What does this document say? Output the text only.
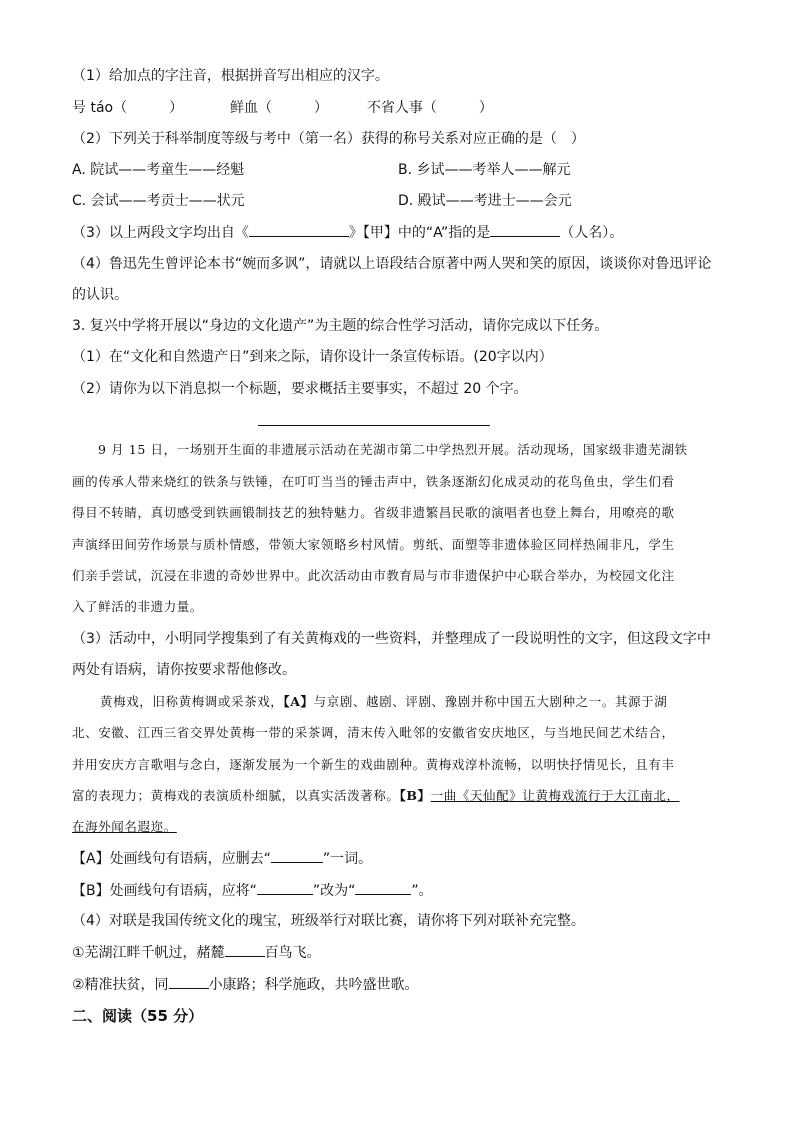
（1）给加点的字注音，根据拼音写出相应的汉字。
号 táo（	）	鲜血（	）	不省人事（	）
（2）下列关于科举制度等级与考中（第一名）获得的称号关系对应正确的是（　）
A. 院试——考童生——经魁	B. 乡试——考举人——解元
C. 会试——考贡士——状元	D. 殿试——考进士——会元
（3）以上两段文字均出自《	》【甲】中的“A”指的是	（人名）。
（4）鲁迅先生曾评论本书“婉而多讽”，请就以上语段结合原著中两人哭和笑的原因，谈谈你对鲁迅评论
的认识。
3. 复兴中学将开展以“身边的文化遗产”为主题的综合性学习活动，请你完成以下任务。
（1）在“文化和自然遗产日”到来之际，请你设计一条宣传标语。(20字以内）
（2）请你为以下消息拟一个标题，要求概括主要事实，不超过 20 个字。
9 月 15 日，一场别开生面的非遗展示活动在芜湖市第二中学热烈开展。活动现场，国家级非遗芜湖铁
画的传承人带来烧红的铁条与铁锤，在叮叮当当的锤击声中，铁条逐渐幻化成灵动的花鸟鱼虫，学生们看
得目不转睛，真切感受到铁画锻制技艺的独特魅力。省级非遗繁昌民歌的演唱者也登上舞台，用嘹亮的歌
声演绎田间劳作场景与质朴情感，带领大家领略乡村风情。剪纸、面塑等非遗体验区同样热闹非凡，学生
们亲手尝试，沉浸在非遗的奇妙世界中。此次活动由市教育局与市非遗保护中心联合举办，为校园文化注
入了鲜活的非遗力量。
（3）活动中，小明同学搜集到了有关黄梅戏的一些资料，并整理成了一段说明性的文字，但这段文字中
两处有语病，请你按要求帮他修改。
黄梅戏，旧称黄梅调或采茶戏，【A】与京剧、越剧、评剧、豫剧并称中国五大剧种之一。其源于湖
北、安徽、江西三省交界处黄梅一带的采茶调，清末传入毗邻的安徽省安庆地区，与当地民间艺术结合，
并用安庆方言歌唱与念白，逐渐发展为一个新生的戏曲剧种。黄梅戏淳朴流畅，以明快抒情见长，且有丰
富的表现力；黄梅戏的表演质朴细腻，以真实活泼著称。【B】一曲《天仙配》让黄梅戏流行于大江南北，
在海外闻名遐迩。
【A】处画线句有语病，应删去“	”一词。
【B】处画线句有语病，应将“	”改为“	”。
（4）对联是我国传统文化的瑰宝，班级举行对联比赛，请你将下列对联补充完整。
①芜湖江畔千帆过，赭麓	百鸟飞。
②精准扶贫，同	小康路；科学施政，共吟盛世歌。
二、阅读（55 分）
